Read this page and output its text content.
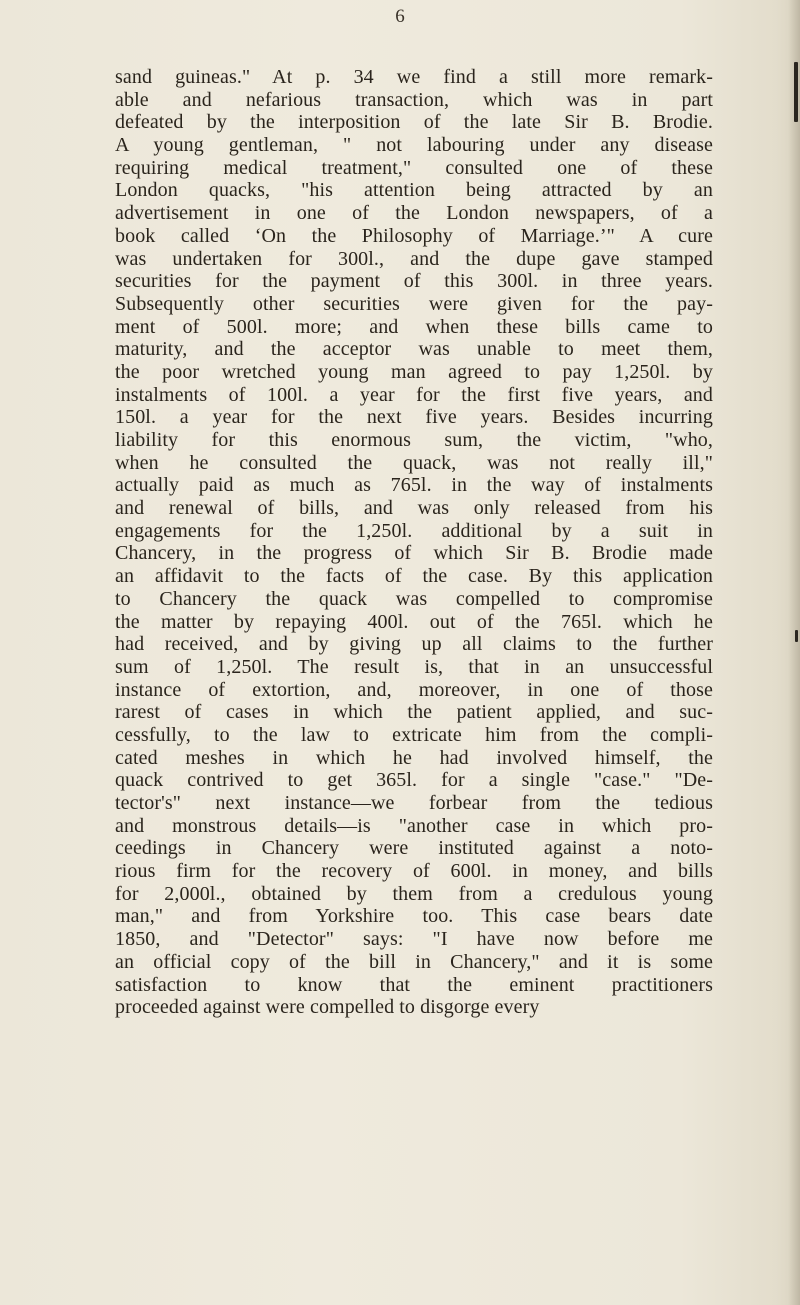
6
sand guineas." At p. 34 we find a still more remark-
able and nefarious transaction, which was in part
defeated by the interposition of the late Sir B. Brodie.
A young gentleman, " not labouring under any disease
requiring medical treatment," consulted one of these
London quacks, "his attention being attracted by an
advertisement in one of the London newspapers, of a
book called ‘On the Philosophy of Marriage.’" A cure
was undertaken for 300l., and the dupe gave stamped
securities for the payment of this 300l. in three years.
Subsequently other securities were given for the pay-
ment of 500l. more; and when these bills came to
maturity, and the acceptor was unable to meet them,
the poor wretched young man agreed to pay 1,250l. by
instalments of 100l. a year for the first five years, and
150l. a year for the next five years. Besides incurring
liability for this enormous sum, the victim, "who,
when he consulted the quack, was not really ill,"
actually paid as much as 765l. in the way of instalments
and renewal of bills, and was only released from his
engagements for the 1,250l. additional by a suit in
Chancery, in the progress of which Sir B. Brodie made
an affidavit to the facts of the case. By this application
to Chancery the quack was compelled to compromise
the matter by repaying 400l. out of the 765l. which he
had received, and by giving up all claims to the further
sum of 1,250l. The result is, that in an unsuccessful
instance of extortion, and, moreover, in one of those
rarest of cases in which the patient applied, and suc-
cessfully, to the law to extricate him from the compli-
cated meshes in which he had involved himself, the
quack contrived to get 365l. for a single "case." "De-
tector's" next instance—we forbear from the tedious
and monstrous details—is "another case in which pro-
ceedings in Chancery were instituted against a noto-
rious firm for the recovery of 600l. in money, and bills
for 2,000l., obtained by them from a credulous young
man," and from Yorkshire too. This case bears date
1850, and "Detector" says: "I have now before me
an official copy of the bill in Chancery," and it is some
satisfaction to know that the eminent practitioners
proceeded against were compelled to disgorge every
